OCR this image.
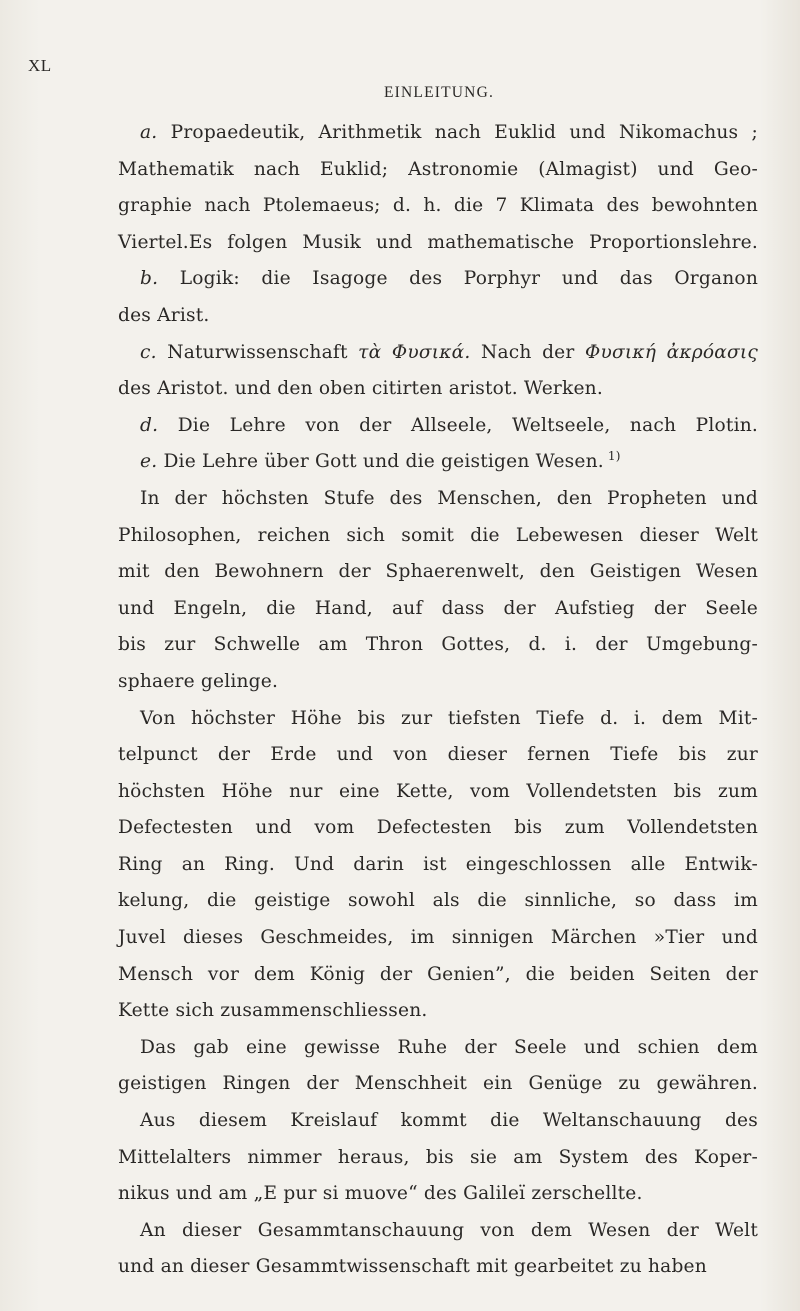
XL
EINLEITUNG.
a. Propaedeutik, Arithmetik nach Euklid und Nikomachus ;
Mathematik nach Euklid; Astronomie (Almagist) und Geo-
graphie nach Ptolemaeus; d. h. die 7 Klimata des bewohnten
Viertel.Es folgen Musik und mathematische Proportionslehre.
b. Logik: die Isagoge des Porphyr und das Organon
des Arist.
c. Naturwissenschaft τὰ Φυσικά. Nach der Φυσική ἀκρόασις
des Aristot. und den oben citirten aristot. Werken.
d. Die Lehre von der Allseele, Weltseele, nach Plotin.
e. Die Lehre über Gott und die geistigen Wesen. $^{1)}$
In der höchsten Stufe des Menschen, den Propheten und
Philosophen, reichen sich somit die Lebewesen dieser Welt
mit den Bewohnern der Sphaerenwelt, den Geistigen Wesen
und Engeln, die Hand, auf dass der Aufstieg der Seele
bis zur Schwelle am Thron Gottes, d. i. der Umgebung-
sphaere gelinge.
Von höchster Höhe bis zur tiefsten Tiefe d. i. dem Mit-
telpunct der Erde und von dieser fernen Tiefe bis zur
höchsten Höhe nur eine Kette, vom Vollendetsten bis zum
Defectesten und vom Defectesten bis zum Vollendetsten
Ring an Ring. Und darin ist eingeschlossen alle Entwik-
kelung, die geistige sowohl als die sinnliche, so dass im
Juvel dieses Geschmeides, im sinnigen Märchen »Tier und
Mensch vor dem König der Genien”, die beiden Seiten der
Kette sich zusammenschliessen.
Das gab eine gewisse Ruhe der Seele und schien dem
geistigen Ringen der Menschheit ein Genüge zu gewähren.
Aus diesem Kreislauf kommt die Weltanschauung des
Mittelalters nimmer heraus, bis sie am System des Koper-
nikus und am „E pur si muove“ des Galileï zerschellte.
An dieser Gesammtanschauung von dem Wesen der Welt
und an dieser Gesammtwissenschaft mit gearbeitet zu haben
